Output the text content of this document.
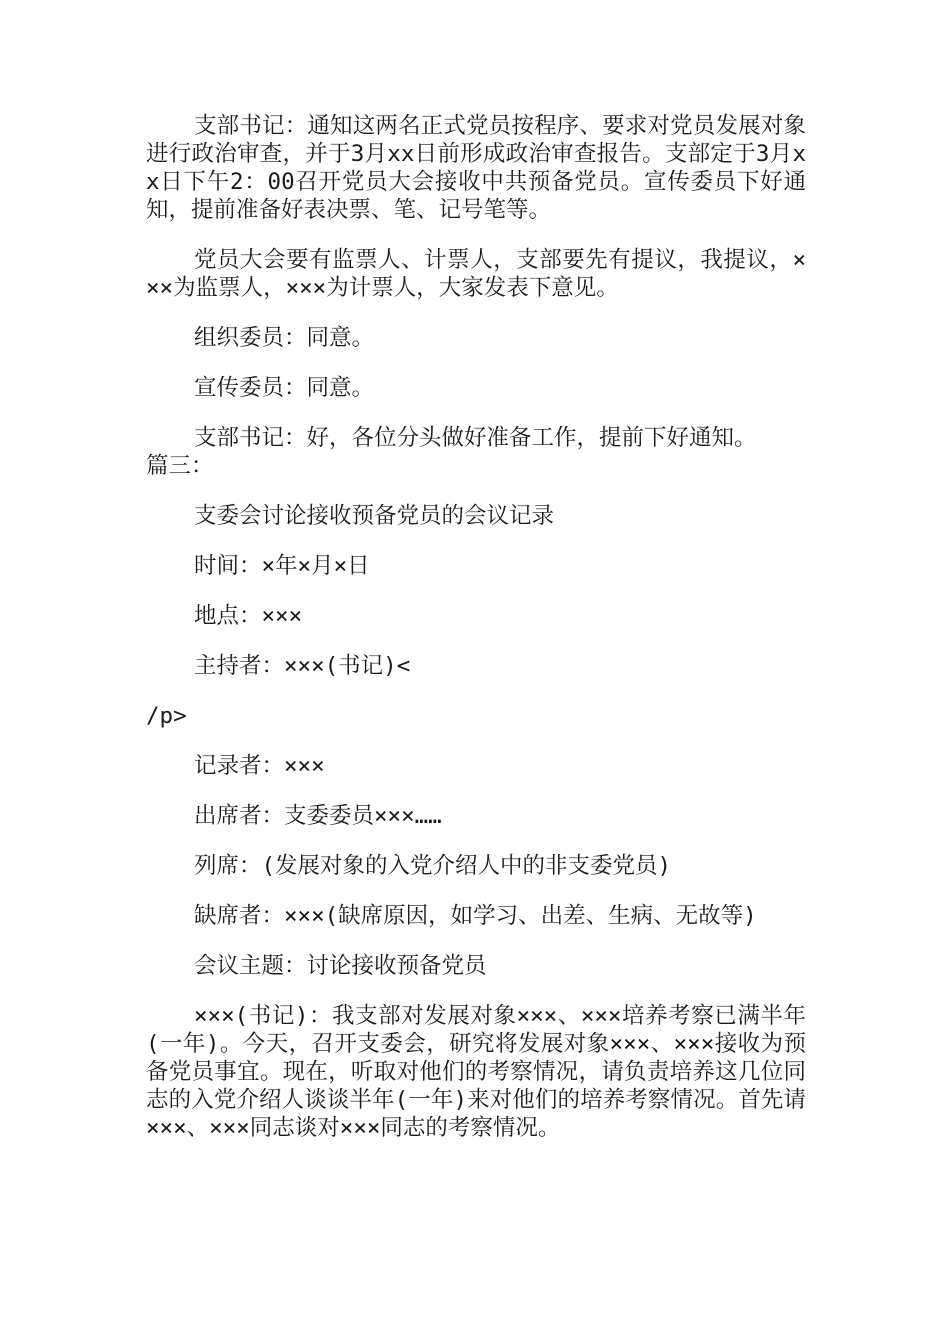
支部书记：通知这两名正式党员按程序、要求对党员发展对象进行政治审查，并于3月xx日前形成政治审查报告。支部定于3月xx日下午2：00召开党员大会接收中共预备党员。宣传委员下好通知，提前准备好表决票、笔、记号笔等。

党员大会要有监票人、计票人，支部要先有提议，我提议，×××为监票人，×××为计票人，大家发表下意见。

组织委员：同意。

宣传委员：同意。

支部书记：好，各位分头做好准备工作，提前下好通知。

篇三：

支委会讨论接收预备党员的会议记录

时间：×年×月×日

地点：×××

主持者：×××(书记)<

/p>

记录者：×××

出席者：支委委员×××……

列席：(发展对象的入党介绍人中的非支委党员)

缺席者：×××(缺席原因，如学习、出差、生病、无故等)

会议主题：讨论接收预备党员

×××(书记)：我支部对发展对象×××、×××培养考察已满半年(一年)。今天，召开支委会，研究将发展对象×××、×××接收为预备党员事宜。现在，听取对他们的考察情况，请负责培养这几位同志的入党介绍人谈谈半年(一年)来对他们的培养考察情况。首先请×××、×××同志谈对×××同志的考察情况。
